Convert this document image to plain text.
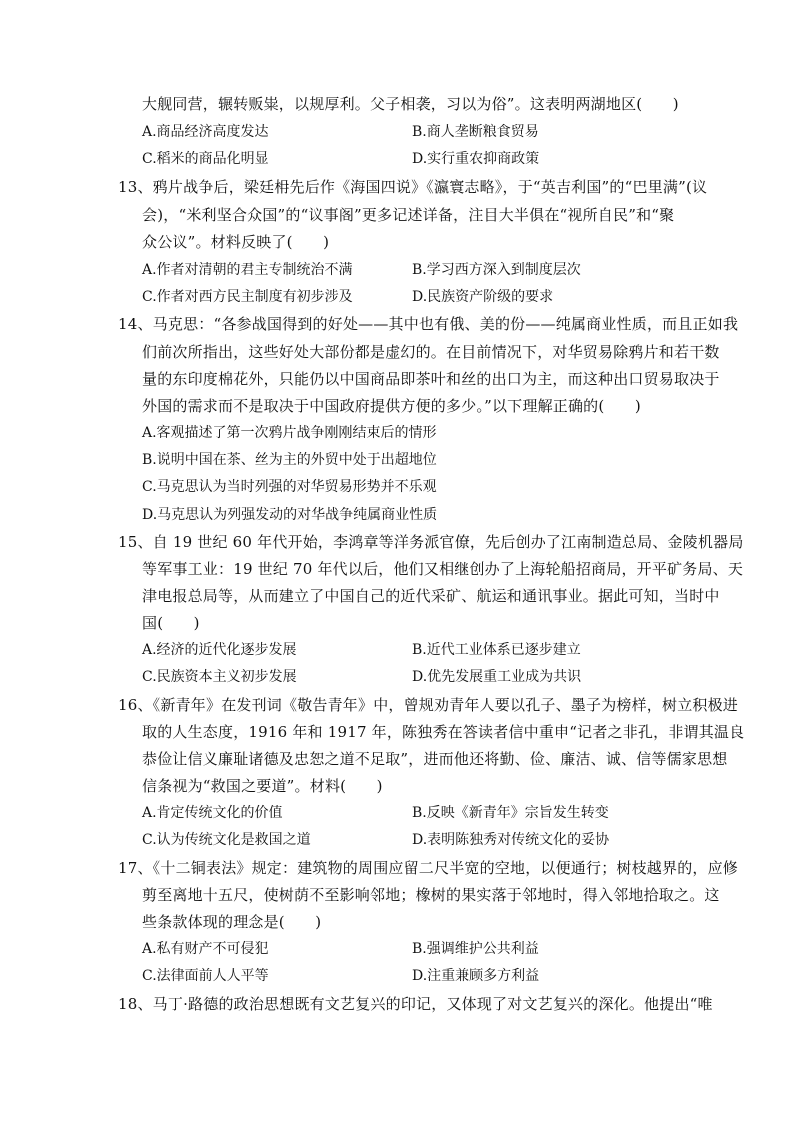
大舰同营，辗转贩粜，以规厚利。父子相袭，习以为俗”。这表明两湖地区(　　)
A.商品经济高度发达	B.商人垄断粮食贸易
C.稻米的商品化明显	D.实行重农抑商政策
13、鸦片战争后，梁廷枏先后作《海国四说》《瀛寰志略》，于“英吉利国”的“巴里满”(议
会)，“米利坚合众国”的“议事阁”更多记述详备，注目大半俱在“视所自民”和“聚
众公议”。材料反映了(　　)
A.作者对清朝的君主专制统治不满	B.学习西方深入到制度层次
C.作者对西方民主制度有初步涉及	D.民族资产阶级的要求
14、马克思：“各参战国得到的好处——其中也有俄、美的份——纯属商业性质，而且正如我
们前次所指出，这些好处大部份都是虚幻的。在目前情况下，对华贸易除鸦片和若干数
量的东印度棉花外，只能仍以中国商品即茶叶和丝的出口为主，而这种出口贸易取决于
外国的需求而不是取决于中国政府提供方便的多少。”以下理解正确的(　　)
A.客观描述了第一次鸦片战争刚刚结束后的情形
B.说明中国在茶、丝为主的外贸中处于出超地位
C.马克思认为当时列强的对华贸易形势并不乐观
D.马克思认为列强发动的对华战争纯属商业性质
15、自 19 世纪 60 年代开始，李鸿章等洋务派官僚，先后创办了江南制造总局、金陵机器局
等军事工业：19 世纪 70 年代以后，他们又相继创办了上海轮船招商局，开平矿务局、天
津电报总局等，从而建立了中国自己的近代采矿、航运和通讯事业。据此可知，当时中
国(　　)
A.经济的近代化逐步发展	B.近代工业体系已逐步建立
C.民族资本主义初步发展	D.优先发展重工业成为共识
16、《新青年》在发刊词《敬告青年》中，曾规劝青年人要以孔子、墨子为榜样，树立积极进
取的人生态度，1916 年和 1917 年，陈独秀在答读者信中重申“记者之非孔，非谓其温良
恭俭让信义廉耻诸德及忠恕之道不足取”，进而他还将勤、俭、廉洁、诚、信等儒家思想
信条视为“救国之要道”。材料(　　)
A.肯定传统文化的价值	B.反映《新青年》宗旨发生转变
C.认为传统文化是救国之道	D.表明陈独秀对传统文化的妥协
17、《十二铜表法》规定：建筑物的周围应留二尺半宽的空地，以便通行；树枝越界的，应修
剪至离地十五尺，使树荫不至影响邻地；橡树的果实落于邻地时，得入邻地拾取之。这
些条款体现的理念是(　　)
A.私有财产不可侵犯	B.强调维护公共利益
C.法律面前人人平等	D.注重兼顾多方利益
18、马丁·路德的政治思想既有文艺复兴的印记，又体现了对文艺复兴的深化。他提出“唯
